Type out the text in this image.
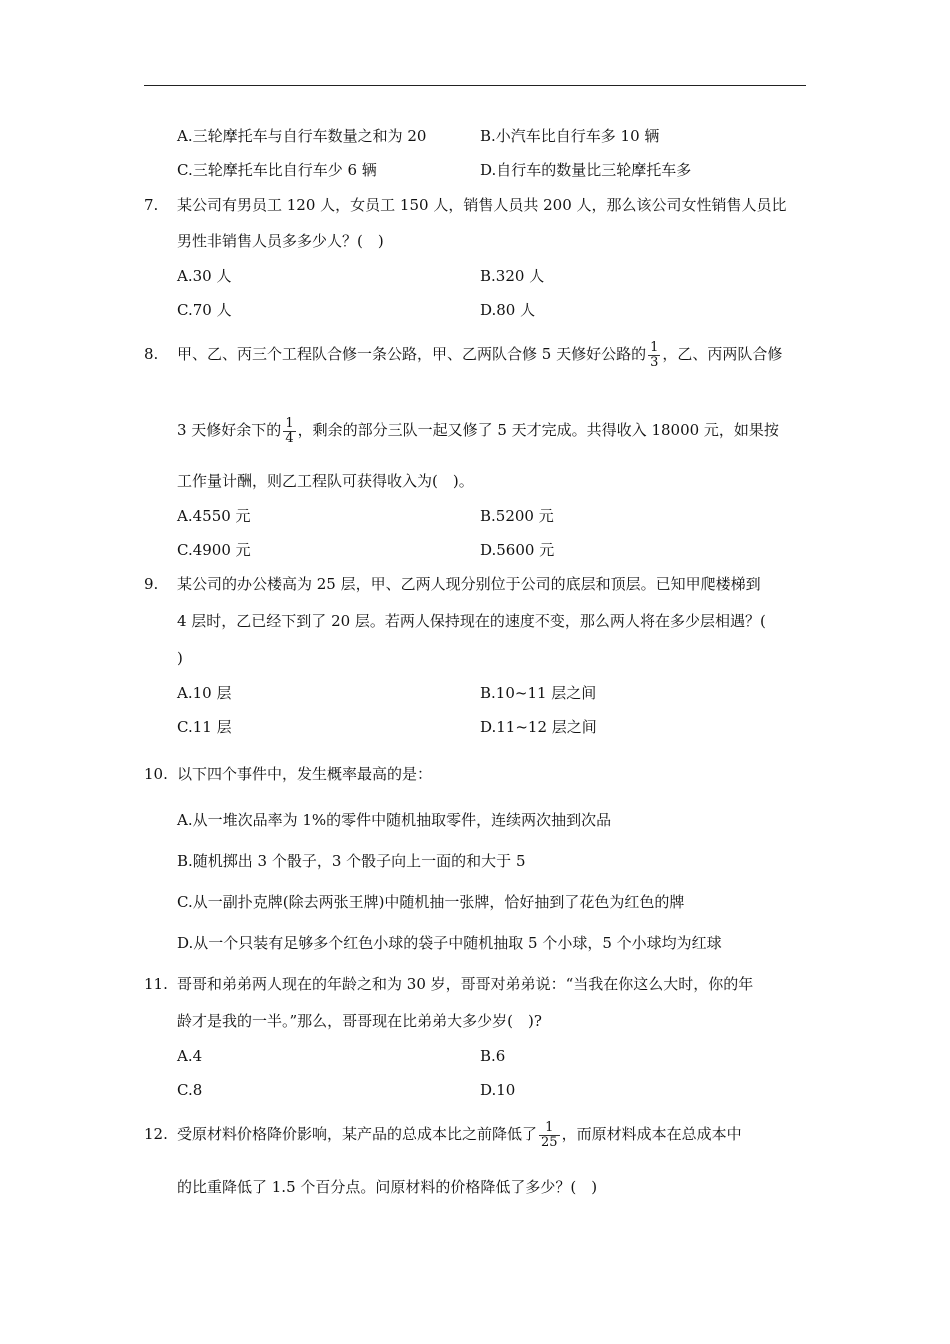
A.三轮摩托车与自行车数量之和为 20	B.小汽车比自行车多 10 辆
C.三轮摩托车比自行车少 6 辆	D.自行车的数量比三轮摩托车多
7. 某公司有男员工 120 人，女员工 150 人，销售人员共 200 人，那么该公司女性销售人员比
男性非销售人员多多少人？(　)
A.30 人	B.320 人
C.70 人	D.80 人
8. 甲、乙、丙三个工程队合修一条公路，甲、乙两队合修 5 天修好公路的 $\frac{1}{3}$ ，乙、丙两队合修
3 天修好余下的 $\frac{1}{4}$ ，剩余的部分三队一起又修了 5 天才完成。共得收入 18000 元，如果按
工作量计酬，则乙工程队可获得收入为(　)。
A.4550 元	B.5200 元
C.4900 元	D.5600 元
9. 某公司的办公楼高为 25 层，甲、乙两人现分别位于公司的底层和顶层。已知甲爬楼梯到
4 层时，乙已经下到了 20 层。若两人保持现在的速度不变，那么两人将在多少层相遇？(
)
A.10 层	B.10~11 层之间
C.11 层	D.11~12 层之间
10. 以下四个事件中，发生概率最高的是：
A.从一堆次品率为 1%的零件中随机抽取零件，连续两次抽到次品
B.随机掷出 3 个骰子，3 个骰子向上一面的和大于 5
C.从一副扑克牌(除去两张王牌)中随机抽一张牌，恰好抽到了花色为红色的牌
D.从一个只装有足够多个红色小球的袋子中随机抽取 5 个小球，5 个小球均为红球
11. 哥哥和弟弟两人现在的年龄之和为 30 岁，哥哥对弟弟说：“当我在你这么大时，你的年
龄才是我的一半。”那么，哥哥现在比弟弟大多少岁(　)?
A.4	B.6
C.8	D.10
12. 受原材料价格降价影响，某产品的总成本比之前降低了 $\frac{1}{25}$ ，而原材料成本在总成本中
的比重降低了 1.5 个百分点。问原材料的价格降低了多少？(　)
